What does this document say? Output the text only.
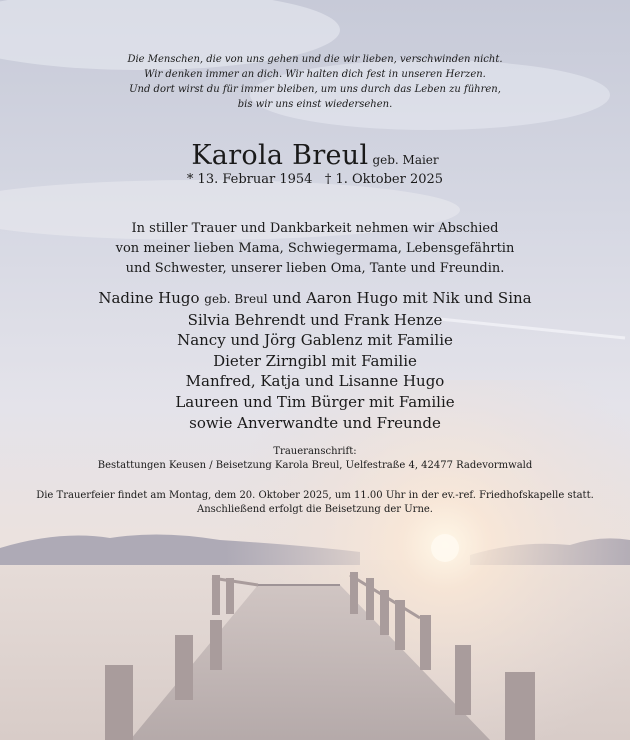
Die Menschen, die von uns gehen und die wir lieben, verschwinden nicht.
Wir denken immer an dich. Wir halten dich fest in unseren Herzen.
Und dort wirst du für immer bleiben, um uns durch das Leben zu führen,
bis wir uns einst wiedersehen.
Karola Breul geb. Maier
* 13. Februar 1954   † 1. Oktober 2025
In stiller Trauer und Dankbarkeit nehmen wir Abschied
von meiner lieben Mama, Schwiegermama, Lebensgefährtin
und Schwester, unserer lieben Oma, Tante und Freundin.
Nadine Hugo geb. Breul und Aaron Hugo mit Nik und Sina
Silvia Behrendt und Frank Henze
Nancy und Jörg Gablenz mit Familie
Dieter Zirngibl mit Familie
Manfred, Katja und Lisanne Hugo
Laureen und Tim Bürger mit Familie
sowie Anverwandte und Freunde
Traueranschrift:
Bestattungen Keusen / Beisetzung Karola Breul, Uelfestraße 4, 42477 Radevormwald
Die Trauerfeier findet am Montag, dem 20. Oktober 2025, um 11.00 Uhr in der ev.-ref. Friedhofskapelle statt.
Anschließend erfolgt die Beisetzung der Urne.
